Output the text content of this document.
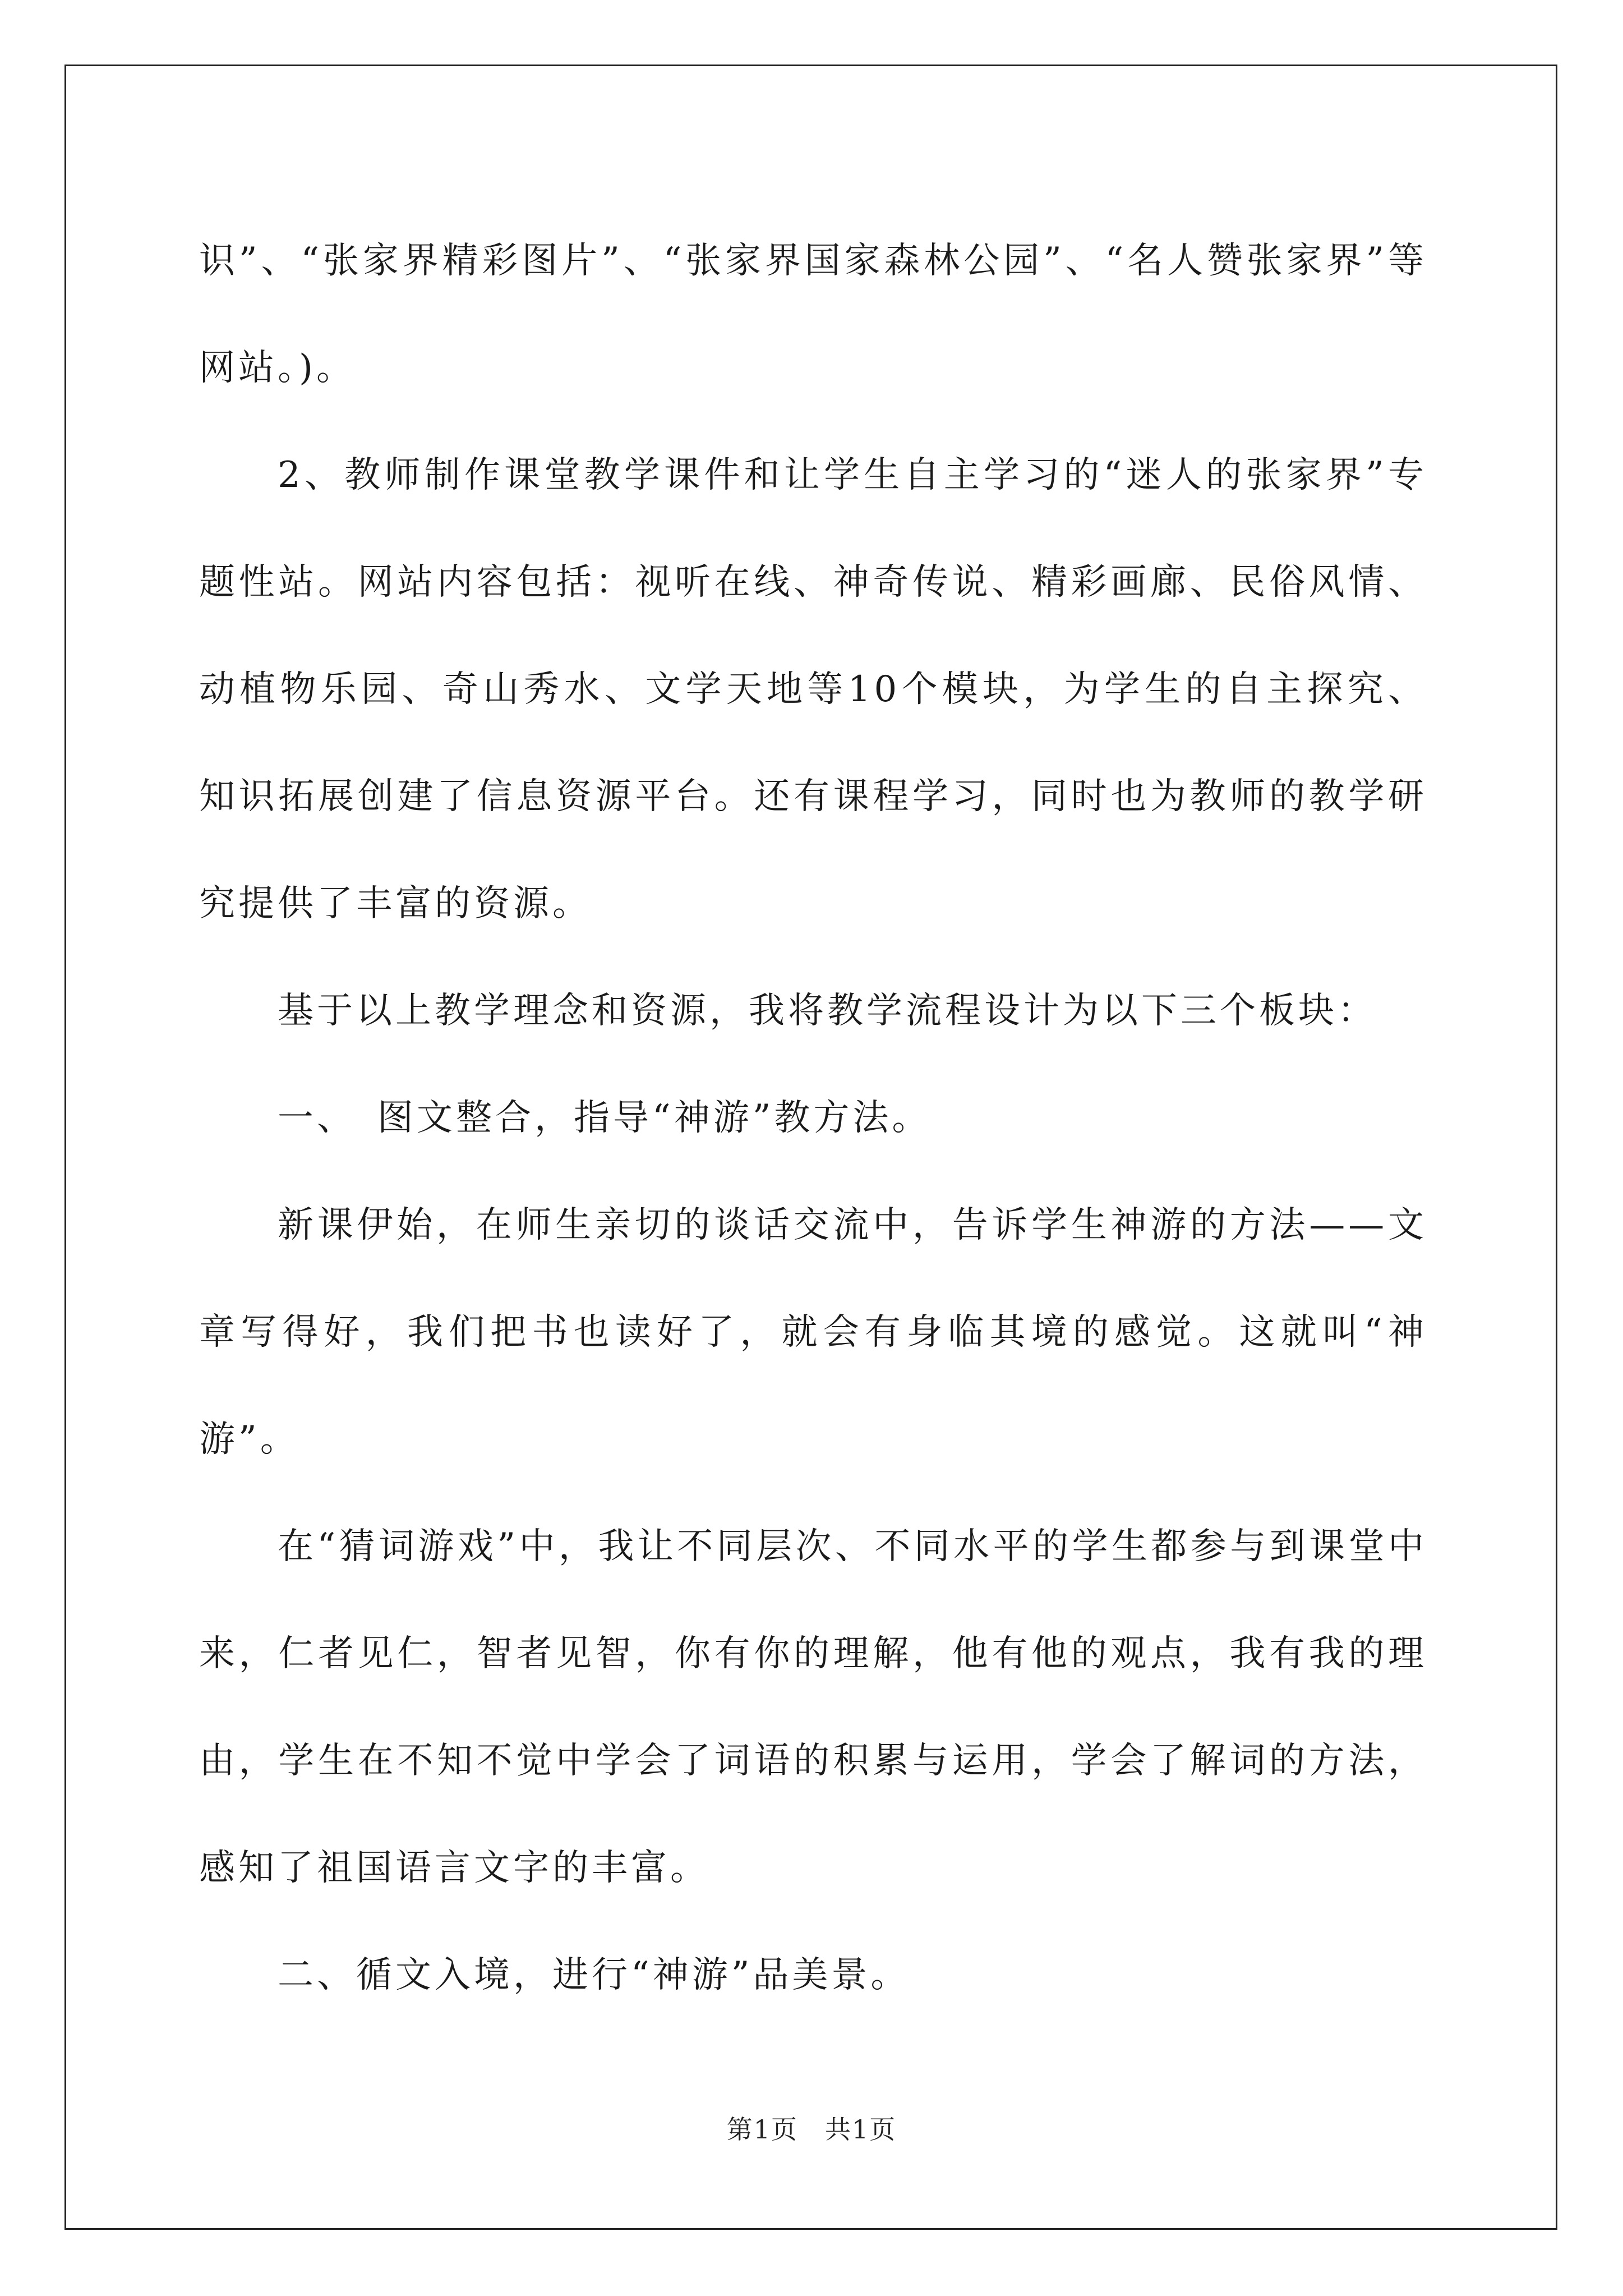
识”、“张家界精彩图片”、“张家界国家森林公园”、“名人赞张家界”等网站。)。

2、教师制作课堂教学课件和让学生自主学习的“迷人的张家界”专题性站。网站内容包括：视听在线、神奇传说、精彩画廊、民俗风情、动植物乐园、奇山秀水、文学天地等10个模块，为学生的自主探究、知识拓展创建了信息资源平台。还有课程学习，同时也为教师的教学研究提供了丰富的资源。

基于以上教学理念和资源，我将教学流程设计为以下三个板块：

一、　图文整合，指导“神游”教方法。

新课伊始，在师生亲切的谈话交流中，告诉学生神游的方法——文章写得好，我们把书也读好了，就会有身临其境的感觉。这就叫“神游”。

在“猜词游戏”中，我让不同层次、不同水平的学生都参与到课堂中来，仁者见仁，智者见智，你有你的理解，他有他的观点，我有我的理由，学生在不知不觉中学会了词语的积累与运用，学会了解词的方法，感知了祖国语言文字的丰富。

二、循文入境，进行“神游”品美景。

第1页　共1页
